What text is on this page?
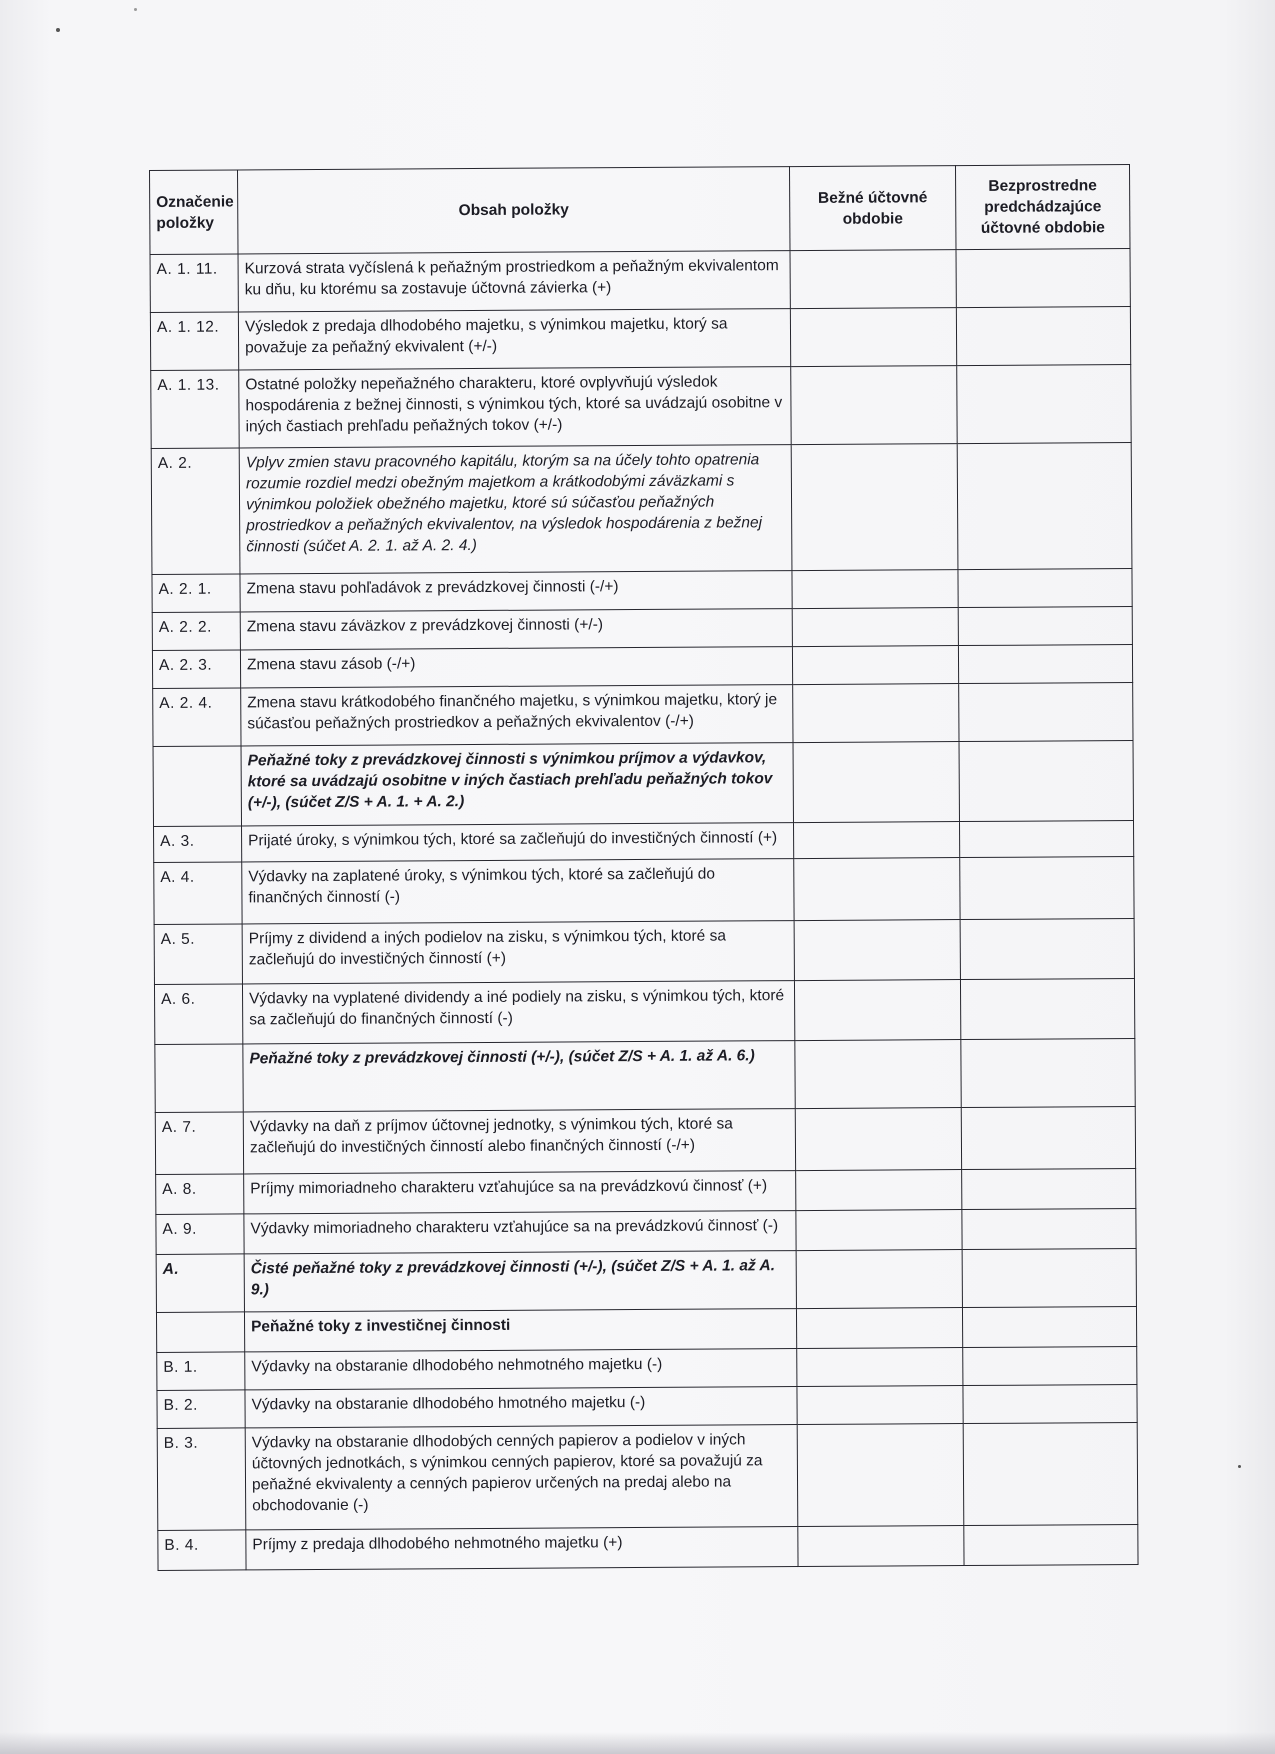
Označenie položky	Obsah položky	Bežné účtovné obdobie	Bezprostredne predchádzajúce účtovné obdobie
A. 1. 11.	Kurzová strata vyčíslená k peňažným prostriedkom a peňažným ekvivalentom ku dňu, ku ktorému sa zostavuje účtovná závierka (+)		
A. 1. 12.	Výsledok z predaja dlhodobého majetku, s výnimkou majetku, ktorý sa považuje za peňažný ekvivalent (+/-)		
A. 1. 13.	Ostatné položky nepeňažného charakteru, ktoré ovplyvňujú výsledok hospodárenia z bežnej činnosti, s výnimkou tých, ktoré sa uvádzajú osobitne v iných častiach prehľadu peňažných tokov (+/-)		
A. 2.	Vplyv zmien stavu pracovného kapitálu, ktorým sa na účely tohto opatrenia rozumie rozdiel medzi obežným majetkom a krátkodobými záväzkami s výnimkou položiek obežného majetku, ktoré sú súčasťou peňažných prostriedkov a peňažných ekvivalentov, na výsledok hospodárenia z bežnej činnosti (súčet A. 2. 1. až A. 2. 4.)		
A. 2. 1.	Zmena stavu pohľadávok z prevádzkovej činnosti (-/+)		
A. 2. 2.	Zmena stavu záväzkov z prevádzkovej činnosti (+/-)		
A. 2. 3.	Zmena stavu zásob (-/+)		
A. 2. 4.	Zmena stavu krátkodobého finančného majetku, s výnimkou majetku, ktorý je súčasťou peňažných prostriedkov a peňažných ekvivalentov (-/+)		
	Peňažné toky z prevádzkovej činnosti s výnimkou príjmov a výdavkov, ktoré sa uvádzajú osobitne v iných častiach prehľadu peňažných tokov (+/-), (súčet Z/S + A. 1. + A. 2.)		
A. 3.	Prijaté úroky, s výnimkou tých, ktoré sa začleňujú do investičných činností (+)		
A. 4.	Výdavky na zaplatené úroky, s výnimkou tých, ktoré sa začleňujú do finančných činností (-)		
A. 5.	Príjmy z dividend a iných podielov na zisku, s výnimkou tých, ktoré sa začleňujú do investičných činností (+)		
A. 6.	Výdavky na vyplatené dividendy a iné podiely na zisku, s výnimkou tých, ktoré sa začleňujú do finančných činností (-)		
	Peňažné toky z prevádzkovej činnosti (+/-), (súčet Z/S + A. 1. až A. 6.)		
A. 7.	Výdavky na daň z príjmov účtovnej jednotky, s výnimkou tých, ktoré sa začleňujú do investičných činností alebo finančných činností (-/+)		
A. 8.	Príjmy mimoriadneho charakteru vzťahujúce sa na prevádzkovú činnosť (+)		
A. 9.	Výdavky mimoriadneho charakteru vzťahujúce sa na prevádzkovú činnosť (-)		
A.	Čisté peňažné toky z prevádzkovej činnosti (+/-), (súčet Z/S + A. 1. až A. 9.)		
	Peňažné toky z investičnej činnosti		
B. 1.	Výdavky na obstaranie dlhodobého nehmotného majetku (-)		
B. 2.	Výdavky na obstaranie dlhodobého hmotného majetku (-)		
B. 3.	Výdavky na obstaranie dlhodobých cenných papierov a podielov v iných účtovných jednotkách, s výnimkou cenných papierov, ktoré sa považujú za peňažné ekvivalenty a cenných papierov určených na predaj alebo na obchodovanie (-)		
B. 4.	Príjmy z predaja dlhodobého nehmotného majetku (+)		
